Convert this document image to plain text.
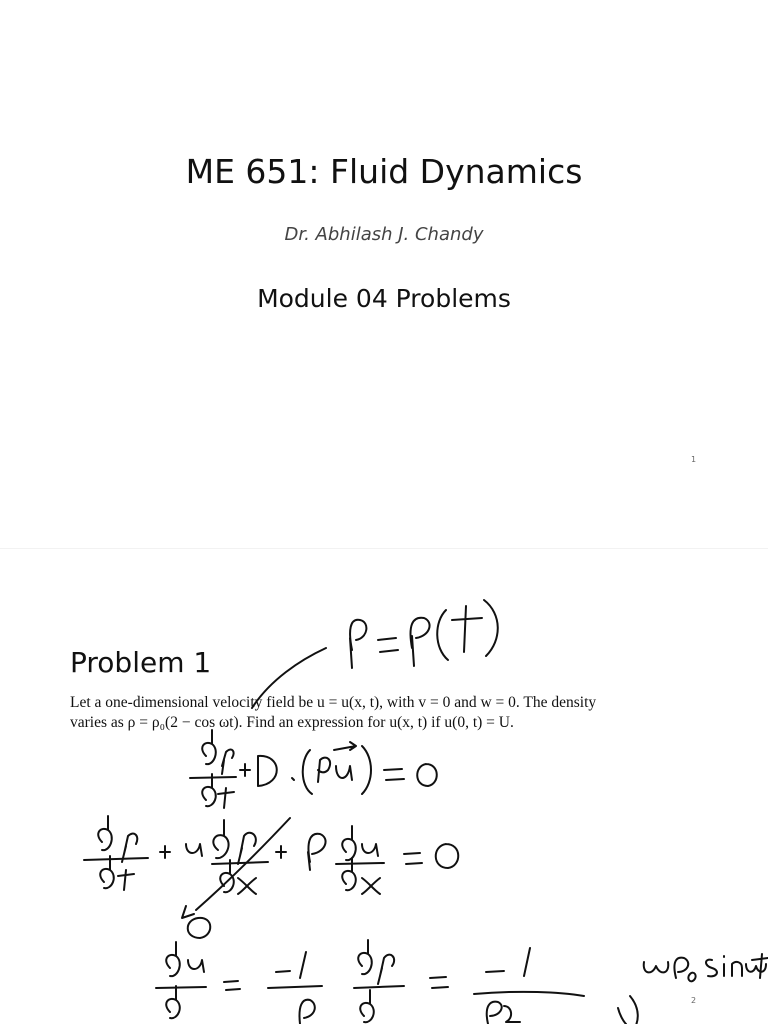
ME 651: Fluid Dynamics
Dr. Abhilash J. Chandy
Module 04 Problems
1
Problem 1
Let a one-dimensional velocity field be u = u(x, t), with v = 0 and w = 0. The density
varies as ρ = ρ₀(2 − cos ωt). Find an expression for u(x, t) if u(0, t) = U.
2
